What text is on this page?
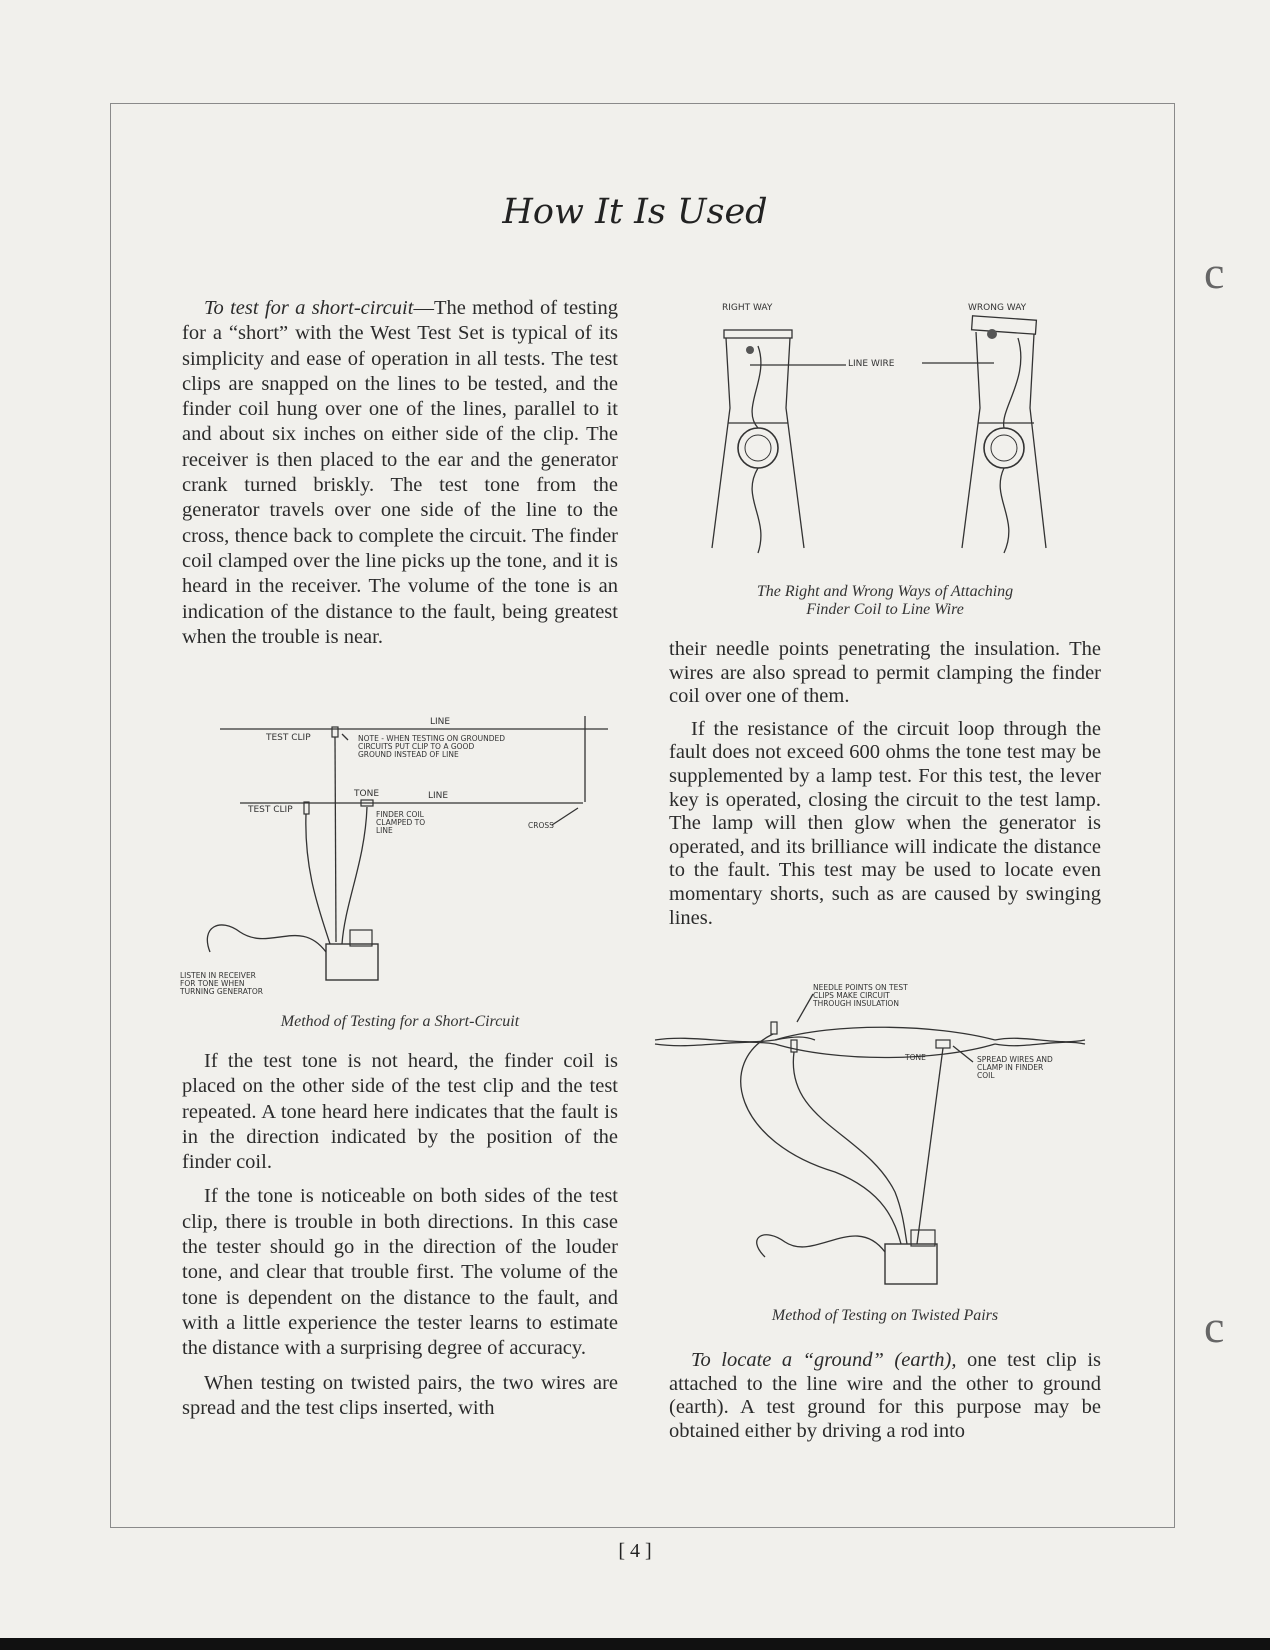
How It Is Used

To test for a short-circuit—The method of testing for a “short” with the West Test Set is typical of its simplicity and ease of operation in all tests. The test clips are snapped on the lines to be tested, and the finder coil hung over one of the lines, parallel to it and about six inches on either side of the clip. The receiver is then placed to the ear and the generator crank turned briskly. The test tone from the generator travels over one side of the line to the cross, thence back to complete the circuit. The finder coil clamped over the line picks up the tone, and it is heard in the receiver. The volume of the tone is an indication of the distance to the fault, being greatest when the trouble is near.

LINE
TEST CLIP	NOTE - WHEN TESTING ON GROUNDED
CIRCUITS PUT CLIP TO A GOOD
GROUND INSTEAD OF LINE
TONE	LINE
TEST CLIP	FINDER COIL
CLAMPED TO
LINE
CROSS
LISTEN IN RECEIVER
FOR TONE WHEN
TURNING GENERATOR
Method of Testing for a Short-Circuit

If the test tone is not heard, the finder coil is placed on the other side of the test clip and the test repeated. A tone heard here indicates that the fault is in the direction indicated by the position of the finder coil.

If the tone is noticeable on both sides of the test clip, there is trouble in both directions. In this case the tester should go in the direction of the louder tone, and clear that trouble first. The volume of the tone is dependent on the distance to the fault, and with a little experience the tester learns to estimate the distance with a surprising degree of accuracy.

When testing on twisted pairs, the two wires are spread and the test clips inserted, with

RIGHT WAY	WRONG WAY
LINE WIRE
The Right and Wrong Ways of Attaching
Finder Coil to Line Wire

their needle points penetrating the insulation. The wires are also spread to permit clamping the finder coil over one of them.

If the resistance of the circuit loop through the fault does not exceed 600 ohms the tone test may be supplemented by a lamp test. For this test, the lever key is operated, closing the circuit to the test lamp. The lamp will then glow when the generator is operated, and its brilliance will indicate the distance to the fault. This test may be used to locate even momentary shorts, such as are caused by swinging lines.

NEEDLE POINTS ON TEST
CLIPS MAKE CIRCUIT
THROUGH INSULATION
TONE	SPREAD WIRES AND
CLAMP IN FINDER
COIL
Method of Testing on Twisted Pairs

To locate a “ground” (earth), one test clip is attached to the line wire and the other to ground (earth). A test ground for this purpose may be obtained either by driving a rod into

[ 4 ]
c
c
